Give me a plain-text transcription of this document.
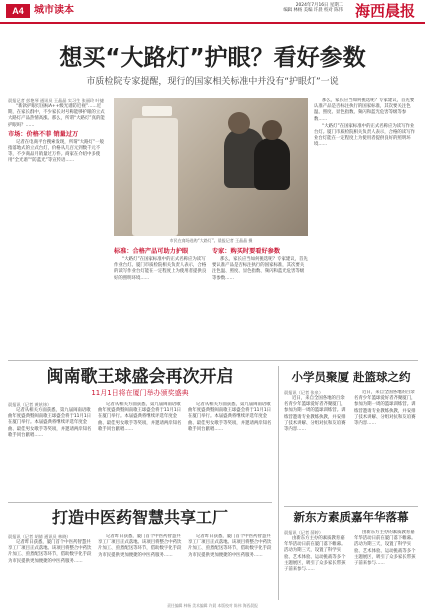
A4	城市读本	2024年7月16日 星期二
编辑 林杨 美编 许晨 校对 陈伟 海西晨报
想买“大路灯”护眼？看好参数
市质检院专家提醒，现行的国家相关标准中并没有“护眼灯”一说
晨报记者 彭艳琴 通讯员 王晶晶 实习生 张丽玲 叶捷

“新款护眼灯国标A++级光谱防近视”……近期，在家长群中，不少家长对号称能够护眼的立式大路灯产品热情高涨。那么，所谓“大路灯”真的能护眼吗？……

市场：价格不菲 销量过万

记者在电商平台搜索发现，所谓“大路灯”一般指落地式的立式台灯，价格从几百元到数千元不等，不少商品月销量过万件。商家在介绍中多使用“全光谱”“防蓝光”等宣传语……

市民在商场选购“大路灯”。晨报记者 王晶晶 摄
标准：合格产品可助力护眼

“大路灯”在国家标准中的正式名称应为读写作业台灯。厦门市质检院相关负责人表示，合格的读写作业台灯能在一定程度上为使用者提供良好的照明环境……

专家：购买时要看好参数

那么，家长应当如何挑选呢？专家建议，首先要认准产品是否标注执行的国家标准，其次要关注色温、照度、显色指数、频闪和蓝光危害等级等参数……

那么，家长应当如何挑选呢？专家建议，首先要认准产品是否标注执行的国家标准，其次要关注色温、照度、显色指数、频闪和蓝光危害等级等参数……

“大路灯”在国家标准中的正式名称应为读写作业台灯。厦门市质检院相关负责人表示，合格的读写作业台灯能在一定程度上为使用者提供良好的照明环境……

闽南歌王球盛会再次开启
11月1日将在厦门举办颁奖盛典
晨报讯（记者 黄炫炜）

记者从相关方面获悉，第九届闽南语歌曲年度盛典暨闽南歌王球盛会将于11月1日在厦门举行。本届盛典将继续评选年度金曲、最佳男女歌手等奖项，并邀请两岸知名歌手同台献唱……

记者从相关方面获悉，第九届闽南语歌曲年度盛典暨闽南歌王球盛会将于11月1日在厦门举行。本届盛典将继续评选年度金曲、最佳男女歌手等奖项，并邀请两岸知名歌手同台献唱……

记者从相关方面获悉，第九届闽南语歌曲年度盛典暨闽南歌王球盛会将于11月1日在厦门举行。本届盛典将继续评选年度金曲、最佳男女歌手等奖项，并邀请两岸知名歌手同台献唱……

打造中医药智慧共享工厂
晨报讯（记者 胡倩 通讯员 林晓）

记者昨日获悉，厦门首个中医药智慧共享工厂项目正式落地。该项目将整合中药饮片加工、煎煮配送等环节，借助数字化手段为市民提供更加便捷的中医药服务……

记者昨日获悉，厦门首个中医药智慧共享工厂项目正式落地。该项目将整合中药饮片加工、煎煮配送等环节，借助数字化手段为市民提供更加便捷的中医药服务……

记者昨日获悉，厦门首个中医药智慧共享工厂项目正式落地。该项目将整合中药饮片加工、煎煮配送等环节，借助数字化手段为市民提供更加便捷的中医药服务……

小学员聚厦 赴篮球之约
晨报讯（记者 张泉）

近日，来自全国各地的百余名青少年篮球爱好者齐聚厦门，参加为期一周的篮球训练营。训练营邀请专业教练执教，并安排了技术讲解、分组对抗和友谊赛等内容……

近日，来自全国各地的百余名青少年篮球爱好者齐聚厦门，参加为期一周的篮球训练营。训练营邀请专业教练执教，并安排了技术讲解、分组对抗和友谊赛等内容……

新东方素质嘉年华落幕
晨报讯（记者 薛婷）

由新东方主办的素质教育嘉年华活动日前在厦门落下帷幕。活动为期三天，设置了科学实验、艺术体验、运动挑战等多个主题展区，吸引了众多家长带孩子前来参与……

由新东方主办的素质教育嘉年华活动日前在厦门落下帷幕。活动为期三天，设置了科学实验、艺术体验、运动挑战等多个主题展区，吸引了众多家长带孩子前来参与……

责任编辑 林杨 美术编辑 许晨 本版校对 陈伟 海西晨报
